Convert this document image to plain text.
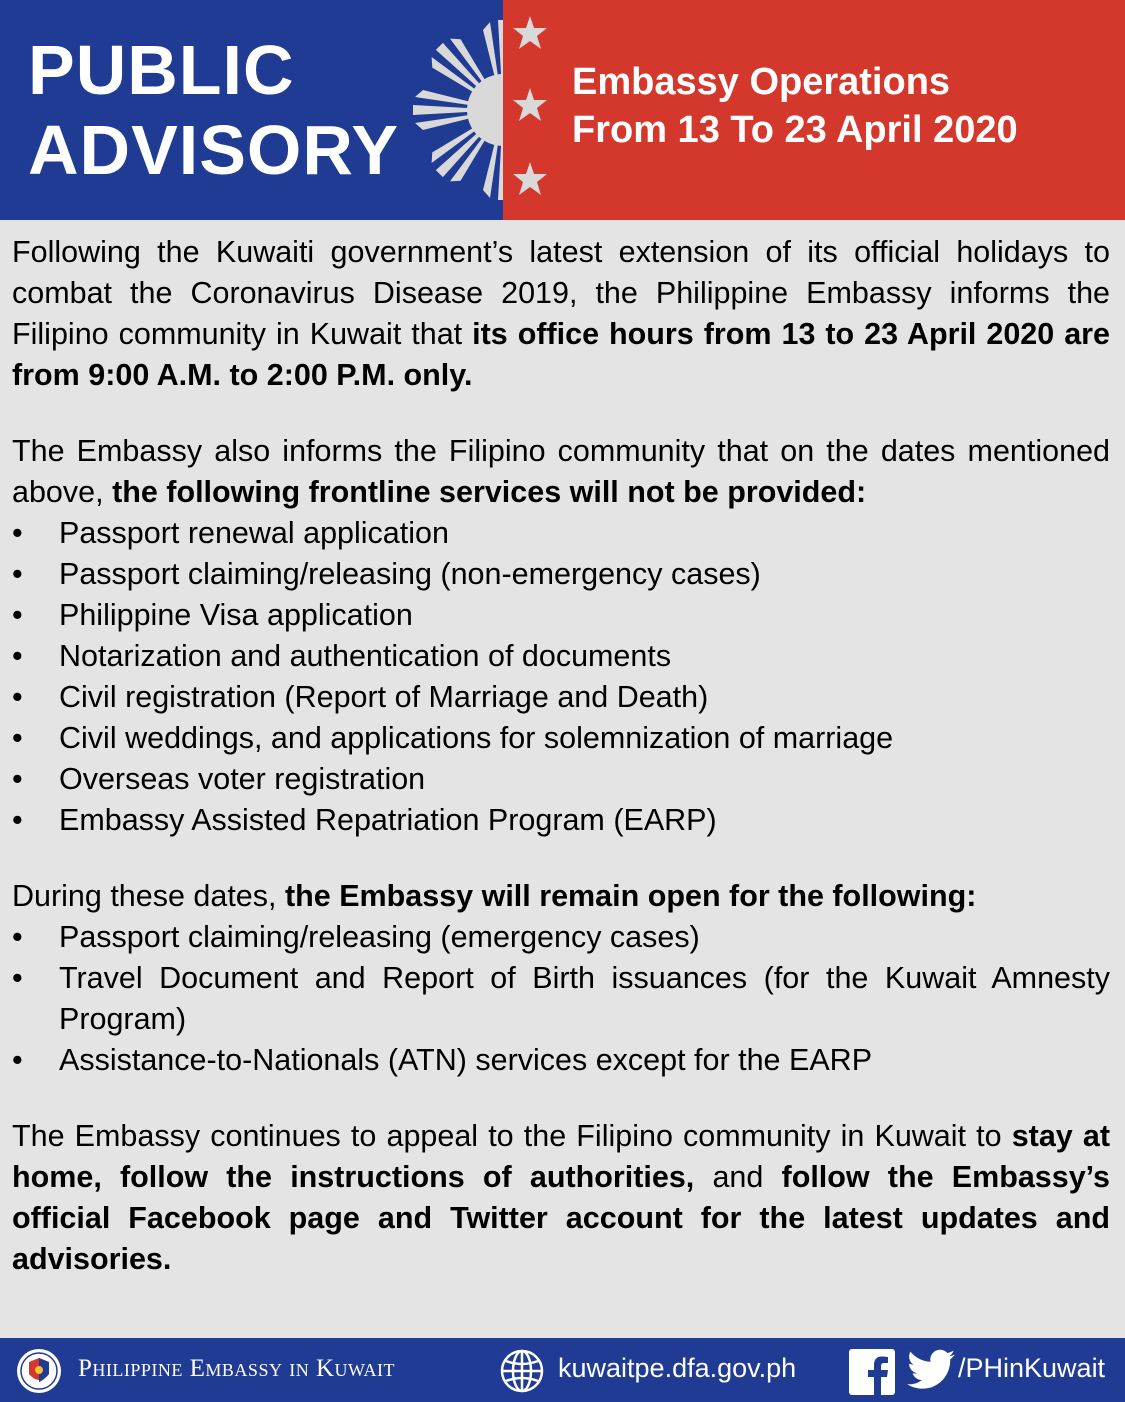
PUBLIC
ADVISORY
Embassy Operations
From 13 To 23 April 2020

Following the Kuwaiti government’s latest extension of its official holidays to combat the Coronavirus Disease 2019, the Philippine Embassy informs the Filipino community in Kuwait that its office hours from 13 to 23 April 2020 are from 9:00 A.M. to 2:00 P.M. only.

The Embassy also informs the Filipino community that on the dates mentioned above, the following frontline services will not be provided:

• Passport renewal application
• Passport claiming/releasing (non-emergency cases)
• Philippine Visa application
• Notarization and authentication of documents
• Civil registration (Report of Marriage and Death)
• Civil weddings, and applications for solemnization of marriage
• Overseas voter registration
• Embassy Assisted Repatriation Program (EARP)

During these dates, the Embassy will remain open for the following:

• Passport claiming/releasing (emergency cases)
• Travel Document and Report of Birth issuances (for the Kuwait Amnesty Program)
• Assistance-to-Nationals (ATN) services except for the EARP

The Embassy continues to appeal to the Filipino community in Kuwait to stay at home, follow the instructions of authorities, and follow the Embassy’s official Facebook page and Twitter account for the latest updates and advisories.

Philippine Embassy in Kuwait	kuwaitpe.dfa.gov.ph	/PHinKuwait
